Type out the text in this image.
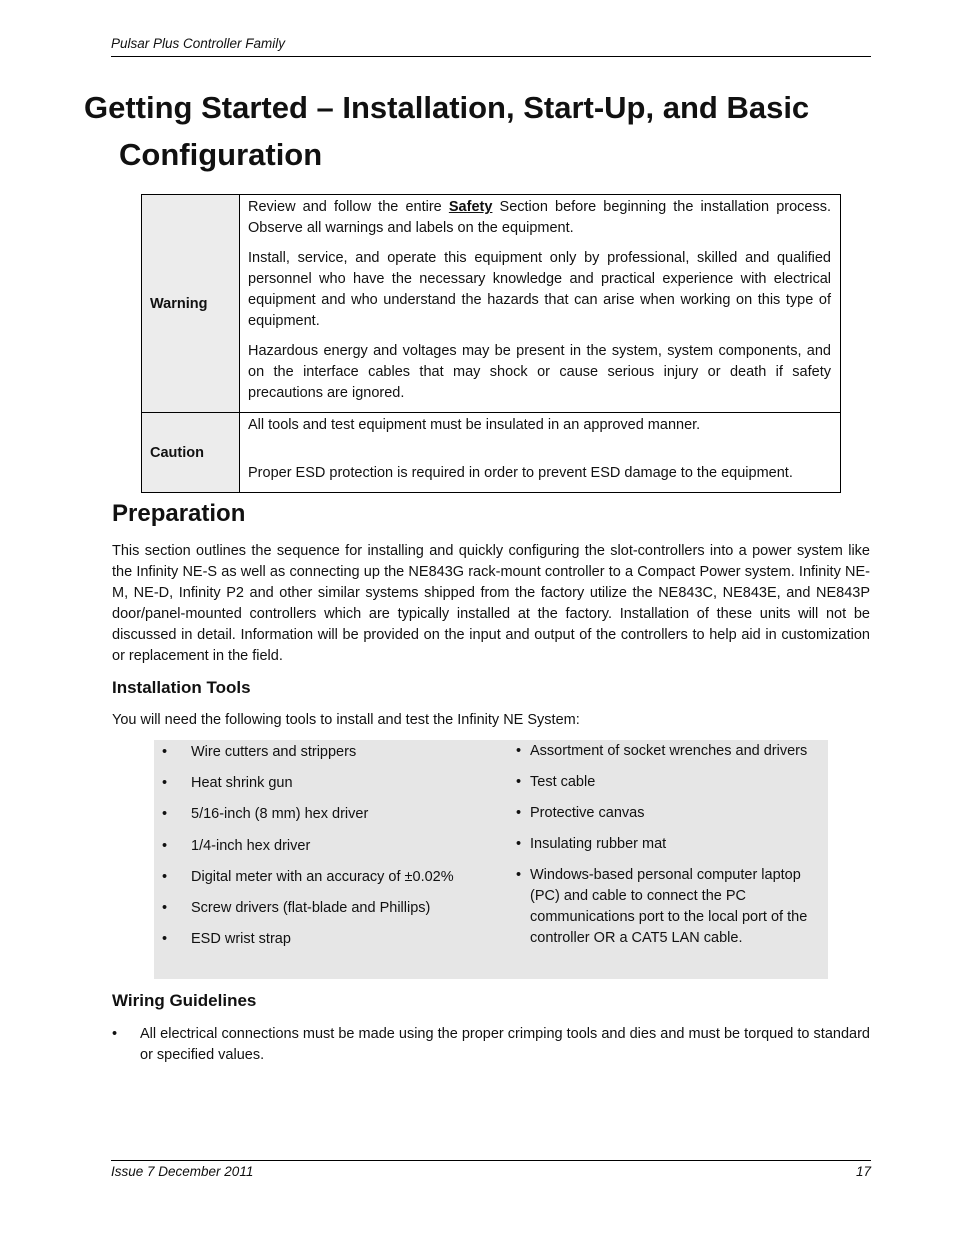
Pulsar Plus Controller Family
Getting Started – Installation, Start-Up, and Basic
Configuration
Warning	Review and follow the entire Safety Section before beginning the installation process. Observe all warnings and labels on the equipment.

Install, service, and operate this equipment only by professional, skilled and qualified personnel who have the necessary knowledge and practical experience with electrical equipment and who understand the hazards that can arise when working on this type of equipment.

Hazardous energy and voltages may be present in the system, system components, and on the interface cables that may shock or cause serious injury or death if safety precautions are ignored.

Caution	All tools and test equipment must be insulated in an approved manner.

Proper ESD protection is required in order to prevent ESD damage to the equipment.

Preparation

This section outlines the sequence for installing and quickly configuring the slot-controllers into a power system like the Infinity NE-S as well as connecting up the NE843G rack-mount controller to a Compact Power system. Infinity NE-M, NE-D, Infinity P2 and other similar systems shipped from the factory utilize the NE843C, NE843E, and NE843P door/panel-mounted controllers which are typically installed at the factory. Installation of these units will not be discussed in detail. Information will be provided on the input and output of the controllers to help aid in customization or replacement in the field.

Installation Tools

You will need the following tools to install and test the Infinity NE System:

• Wire cutters and strippers
• Heat shrink gun
• 5/16-inch (8 mm) hex driver
• 1/4-inch hex driver
• Digital meter with an accuracy of ±0.02%
• Screw drivers (flat-blade and Phillips)
• ESD wrist strap
• Assortment of socket wrenches and drivers
• Test cable
• Protective canvas
• Insulating rubber mat
• Windows-based personal computer laptop (PC) and cable to connect the PC communications port to the local port of the controller OR a CAT5 LAN cable.
Wiring Guidelines
•	All electrical connections must be made using the proper crimping tools and dies and must be torqued to standard or specified values.
Issue 7 December 2011	17
